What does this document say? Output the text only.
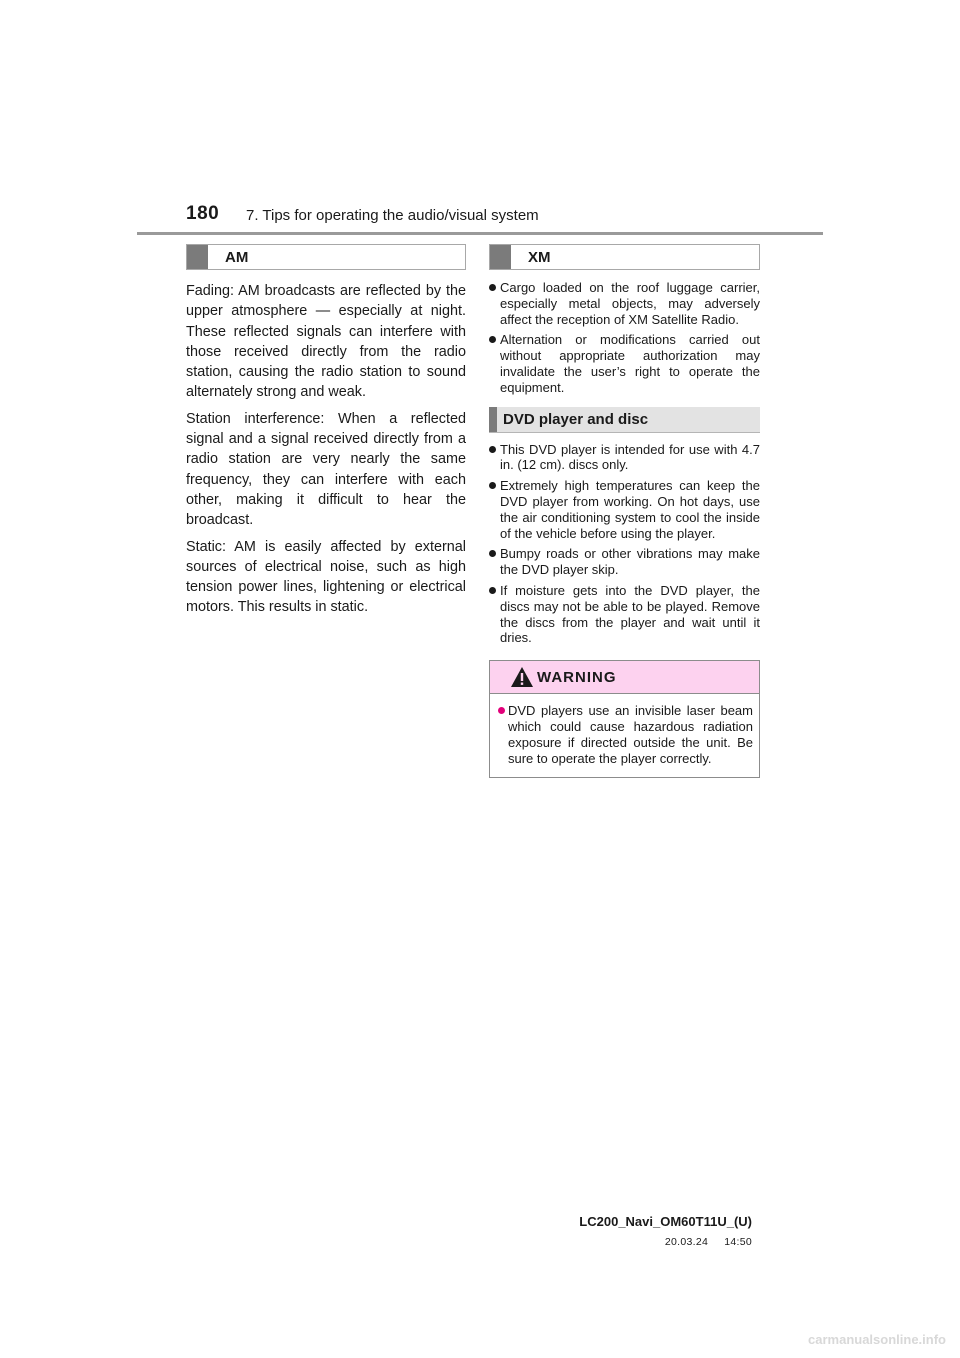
180 7. Tips for operating the audio/visual system
AM

Fading: AM broadcasts are reflected by the upper atmosphere — especially at night. These reflected signals can interfere with those received directly from the radio station, causing the radio station to sound alternately strong and weak.

Station interference: When a reflected signal and a signal received directly from a radio station are very nearly the same frequency, they can interfere with each other, making it difficult to hear the broadcast.

Static: AM is easily affected by external sources of electrical noise, such as high tension power lines, lightening or electrical motors. This results in static.

XM
Cargo loaded on the roof luggage carrier, especially metal objects, may adversely affect the reception of XM Satellite Radio.
Alternation or modifications carried out without appropriate authorization may invalidate the user’s right to operate the equipment.
DVD player and disc
This DVD player is intended for use with 4.7 in. (12 cm). discs only.
Extremely high temperatures can keep the DVD player from working. On hot days, use the air conditioning system to cool the inside of the vehicle before using the player.
Bumpy roads or other vibrations may make the DVD player skip.
If moisture gets into the DVD player, the discs may not be able to be played. Remove the discs from the player and wait until it dries.
WARNING
DVD players use an invisible laser beam which could cause hazardous radiation exposure if directed outside the unit. Be sure to operate the player correctly.
LC200_Navi_OM60T11U_(U)
20.03.24     14:50
carmanualsonline.info
